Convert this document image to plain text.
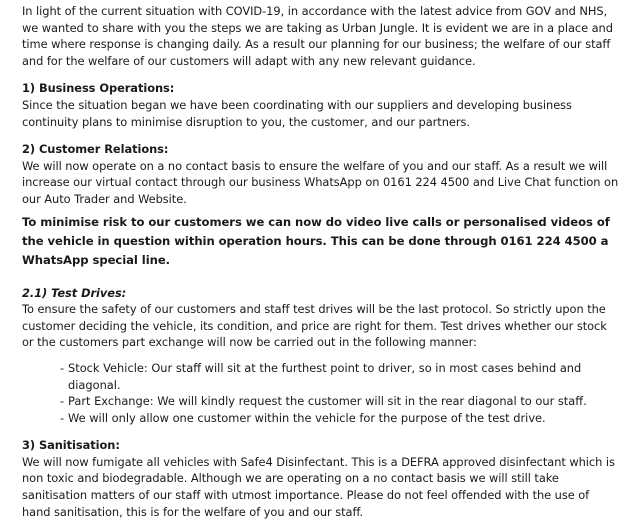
In light of the current situation with COVID-19, in accordance with the latest advice from GOV and NHS, we wanted to share with you the steps we are taking as Urban Jungle. It is evident we are in a place and time where response is changing daily. As a result our planning for our business; the welfare of our staff and for the welfare of our customers will adapt with any new relevant guidance.

1) Business Operations:

Since the situation began we have been coordinating with our suppliers and developing business continuity plans to minimise disruption to you, the customer, and our partners.

2) Customer Relations:

We will now operate on a no contact basis to ensure the welfare of you and our staff. As a result we will increase our virtual contact through our business WhatsApp on 0161 224 4500 and Live Chat function on our Auto Trader and Website.

To minimise risk to our customers we can now do video live calls or personalised videos of the vehicle in question within operation hours. This can be done through 0161 224 4500 a WhatsApp special line.

2.1) Test Drives:

To ensure the safety of our customers and staff test drives will be the last protocol. So strictly upon the customer deciding the vehicle, its condition, and price are right for them. Test drives whether our stock or the customers part exchange will now be carried out in the following manner:

- Stock Vehicle: Our staff will sit at the furthest point to driver, so in most cases behind and diagonal.
- Part Exchange: We will kindly request the customer will sit in the rear diagonal to our staff.
- We will only allow one customer within the vehicle for the purpose of the test drive.

3) Sanitisation:

We will now fumigate all vehicles with Safe4 Disinfectant. This is a DEFRA approved disinfectant which is non toxic and biodegradable. Although we are operating on a no contact basis we will still take sanitisation matters of our staff with utmost importance. Please do not feel offended with the use of hand sanitisation, this is for the welfare of you and our staff.
